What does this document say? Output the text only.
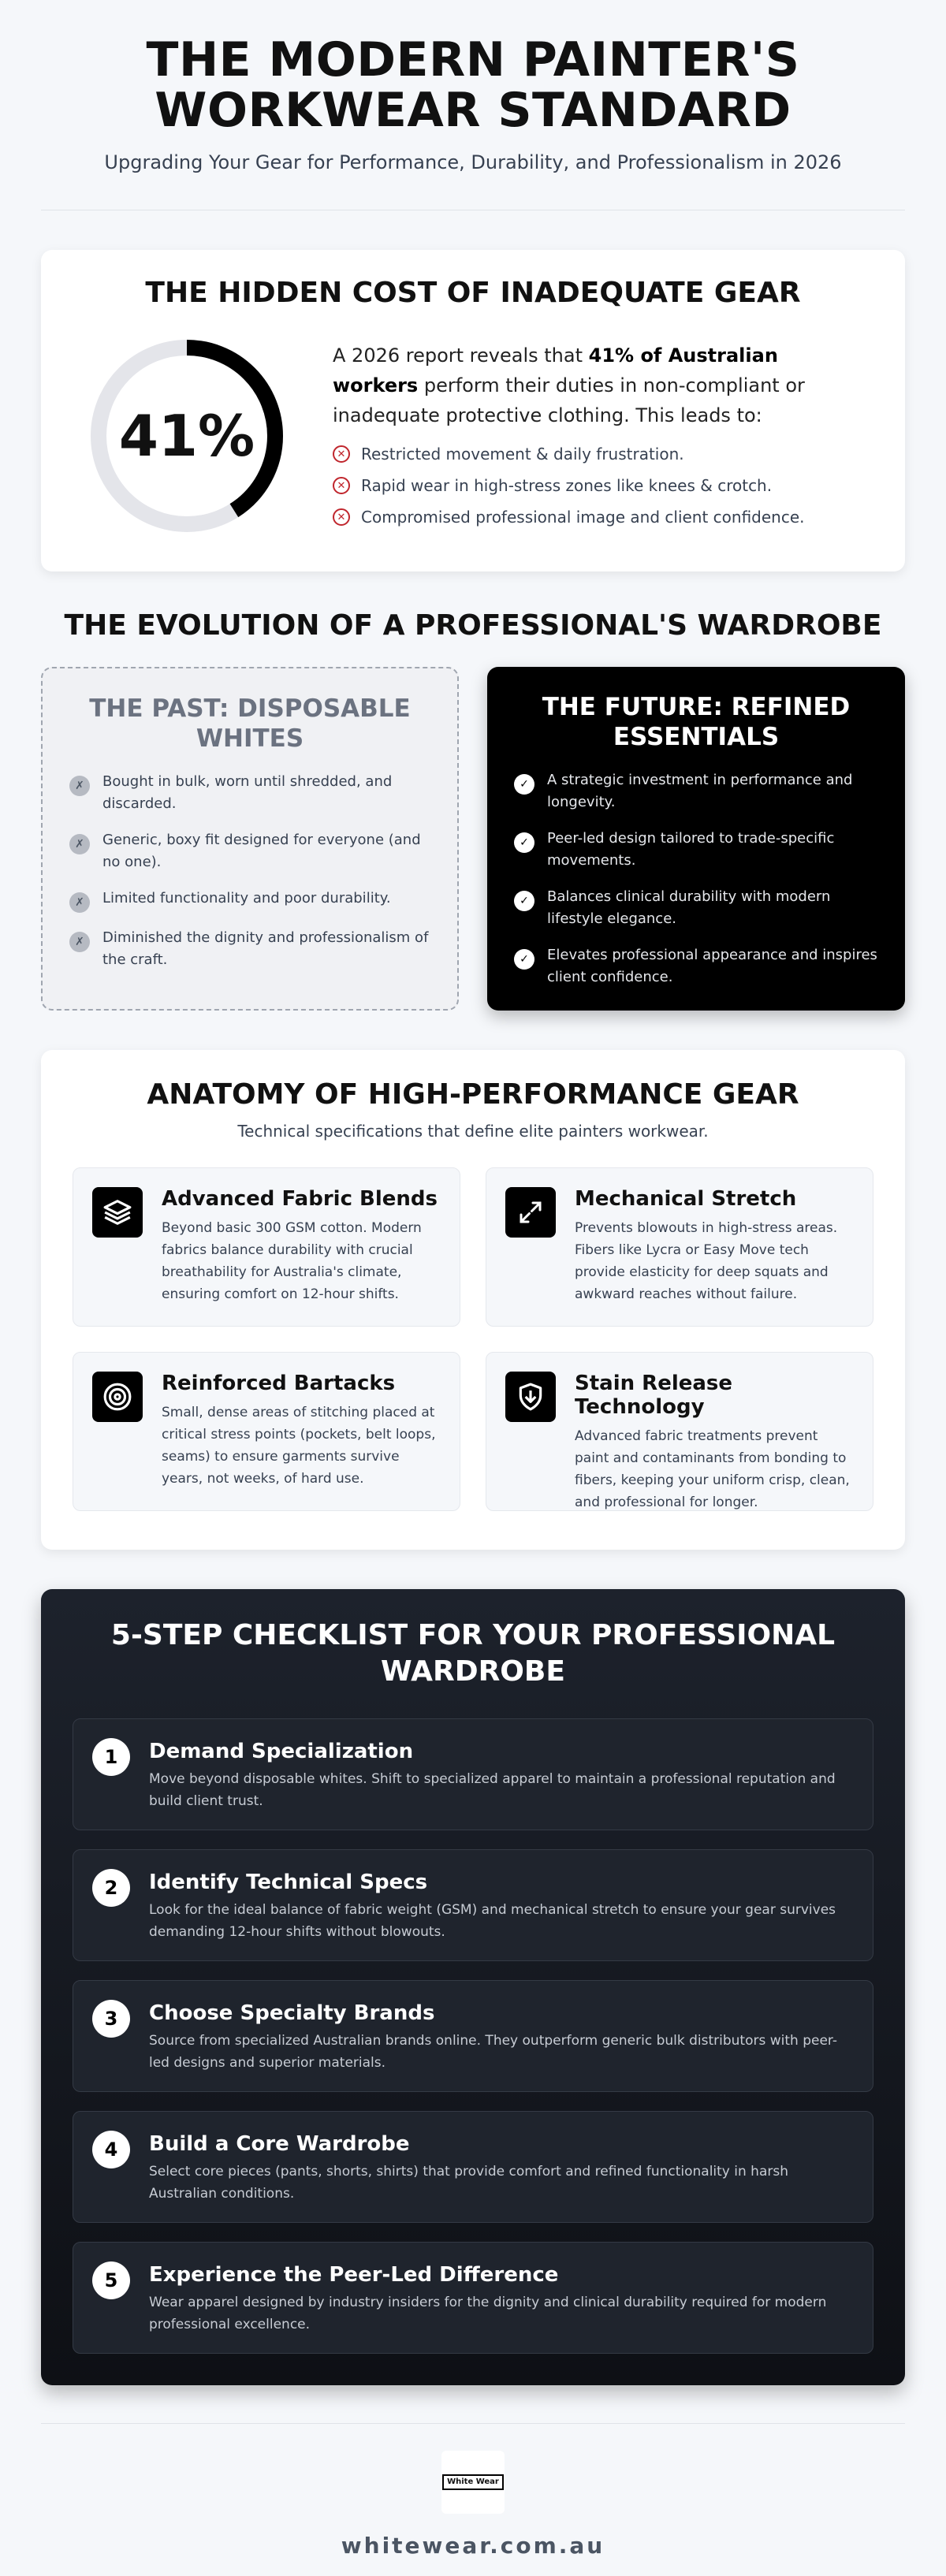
THE MODERN PAINTER'S
WORKWEAR STANDARD

Upgrading Your Gear for Performance, Durability, and Professionalism in 2026

THE HIDDEN COST OF INADEQUATE GEAR
41%

A 2026 report reveals that 41% of Australian workers perform their duties in non-compliant or inadequate protective clothing. This leads to:

✕ Restricted movement & daily frustration.
✕ Rapid wear in high-stress zones like knees & crotch.
✕ Compromised professional image and client confidence.
THE EVOLUTION OF A PROFESSIONAL'S WARDROBE
THE PAST: DISPOSABLE WHITES
✗	Bought in bulk, worn until shredded, and discarded.
✗	Generic, boxy fit designed for everyone (and no one).
✗	Limited functionality and poor durability.
✗	Diminished the dignity and professionalism of the craft.
THE FUTURE: REFINED ESSENTIALS
✓	A strategic investment in performance and longevity.
✓	Peer-led design tailored to trade-specific movements.
✓	Balances clinical durability with modern lifestyle elegance.
✓	Elevates professional appearance and inspires client confidence.
ANATOMY OF HIGH-PERFORMANCE GEAR

Technical specifications that define elite painters workwear.

Advanced Fabric Blends

Beyond basic 300 GSM cotton. Modern fabrics balance durability with crucial breathability for Australia's climate, ensuring comfort on 12-hour shifts.

Mechanical Stretch

Prevents blowouts in high-stress areas. Fibers like Lycra or Easy Move tech provide elasticity for deep squats and awkward reaches without failure.

Reinforced Bartacks

Small, dense areas of stitching placed at critical stress points (pockets, belt loops, seams) to ensure garments survive years, not weeks, of hard use.

Stain Release Technology

Advanced fabric treatments prevent paint and contaminants from bonding to fibers, keeping your uniform crisp, clean, and professional for longer.

5-STEP CHECKLIST FOR YOUR PROFESSIONAL WARDROBE
1	Demand Specialization

Move beyond disposable whites. Shift to specialized apparel to maintain a professional reputation and build client trust.

2	Identify Technical Specs

Look for the ideal balance of fabric weight (GSM) and mechanical stretch to ensure your gear survives demanding 12-hour shifts without blowouts.

3	Choose Specialty Brands

Source from specialized Australian brands online. They outperform generic bulk distributors with peer-led designs and superior materials.

4	Build a Core Wardrobe

Select core pieces (pants, shorts, shirts) that provide comfort and refined functionality in harsh Australian conditions.

5	Experience the Peer-Led Difference

Wear apparel designed by industry insiders for the dignity and clinical durability required for modern professional excellence.

White Wear
whitewear.com.au
